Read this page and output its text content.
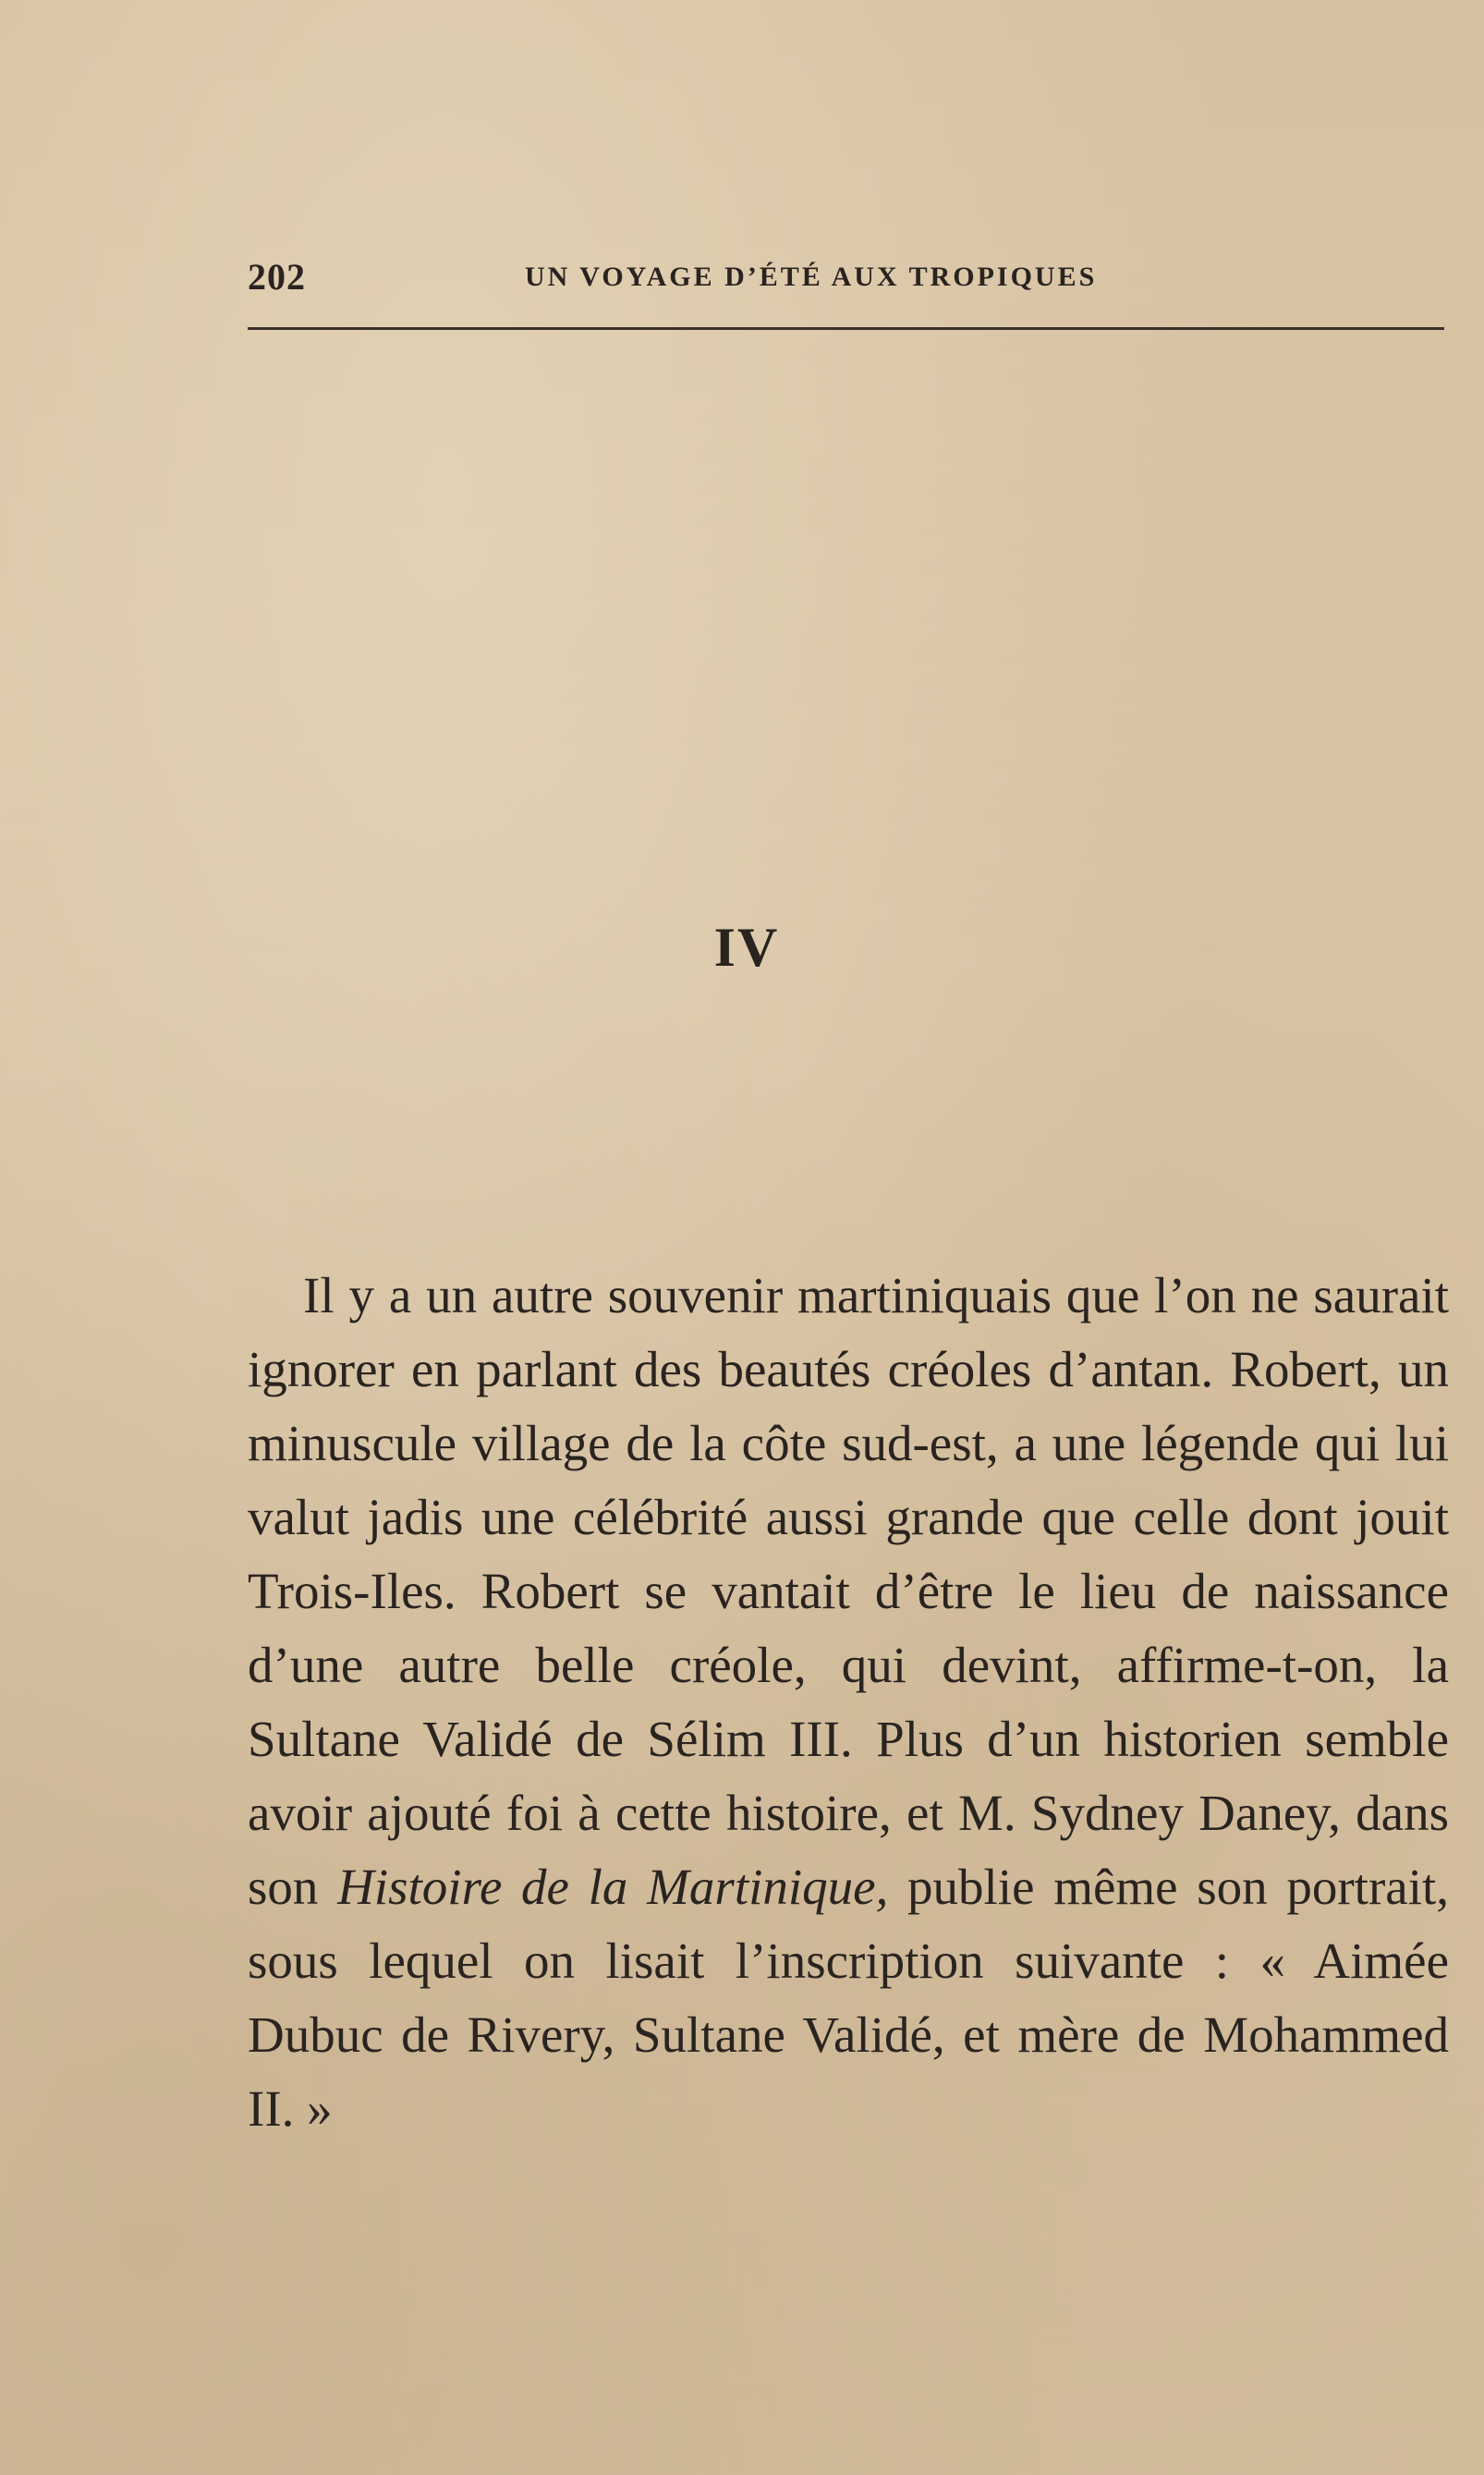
202	UN VOYAGE D’ÉTÉ AUX TROPIQUES
IV

Il y a un autre souvenir martiniquais que l’on ne saurait ignorer en parlant des beautés créoles d’antan. Robert, un minuscule village de la côte sud-est, a une légende qui lui valut jadis une célébrité aussi grande que celle dont jouit Trois-Iles. Robert se vantait d’être le lieu de naissance d’une autre belle créole, qui devint, affirme-t-on, la Sultane Validé de Sélim III. Plus d’un historien semble avoir ajouté foi à cette histoire, et M. Sydney Daney, dans son Histoire de la Martinique, publie même son portrait, sous lequel on lisait l’inscription suivante : « Aimée Dubuc de Rivery, Sultane Validé, et mère de Mohammed II. »
